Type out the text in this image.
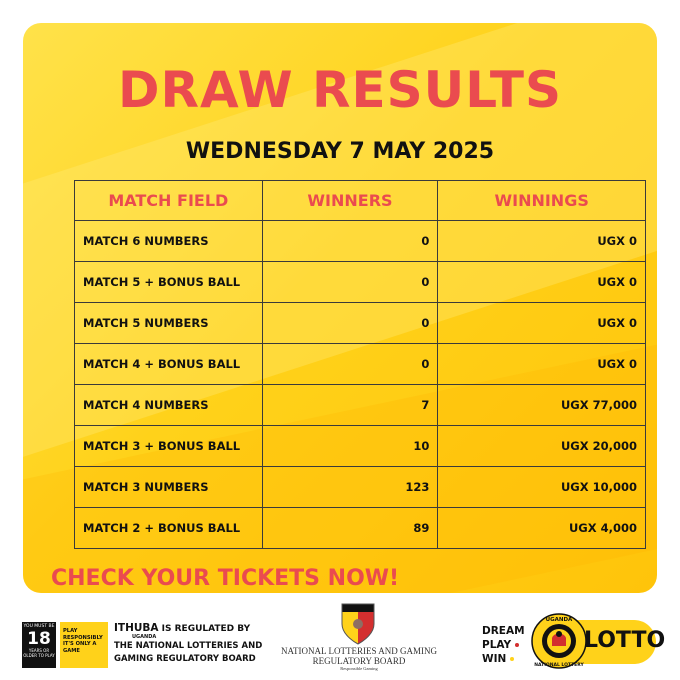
DRAW RESULTS
WEDNESDAY 7 MAY 2025
MATCH FIELD	WINNERS	WINNINGS
MATCH 6 NUMBERS	0	UGX 0
MATCH 5 + BONUS BALL	0	UGX 0
MATCH 5 NUMBERS	0	UGX 0
MATCH 4 + BONUS BALL	0	UGX 0
MATCH 4 NUMBERS	7	UGX 77,000
MATCH 3 + BONUS BALL	10	UGX 20,000
MATCH 3 NUMBERS	123	UGX 10,000
MATCH 2 + BONUS BALL	89	UGX 4,000
CHECK YOUR TICKETS NOW!
YOU MUST BE
18
YEARS OR OLDER TO PLAY
PLAY RESPONSIBLY IT'S ONLY A GAME
ITHUBA IS REGULATED BY
UGANDA
THE NATIONAL LOTTERIES AND GAMING REGULATORY BOARD
NATIONAL LOTTERIES AND GAMING REGULATORY BOARD
Responsible Gaming
DREAM
PLAY
WIN
UGANDA
NATIONAL LOTTERY
LOTTO
